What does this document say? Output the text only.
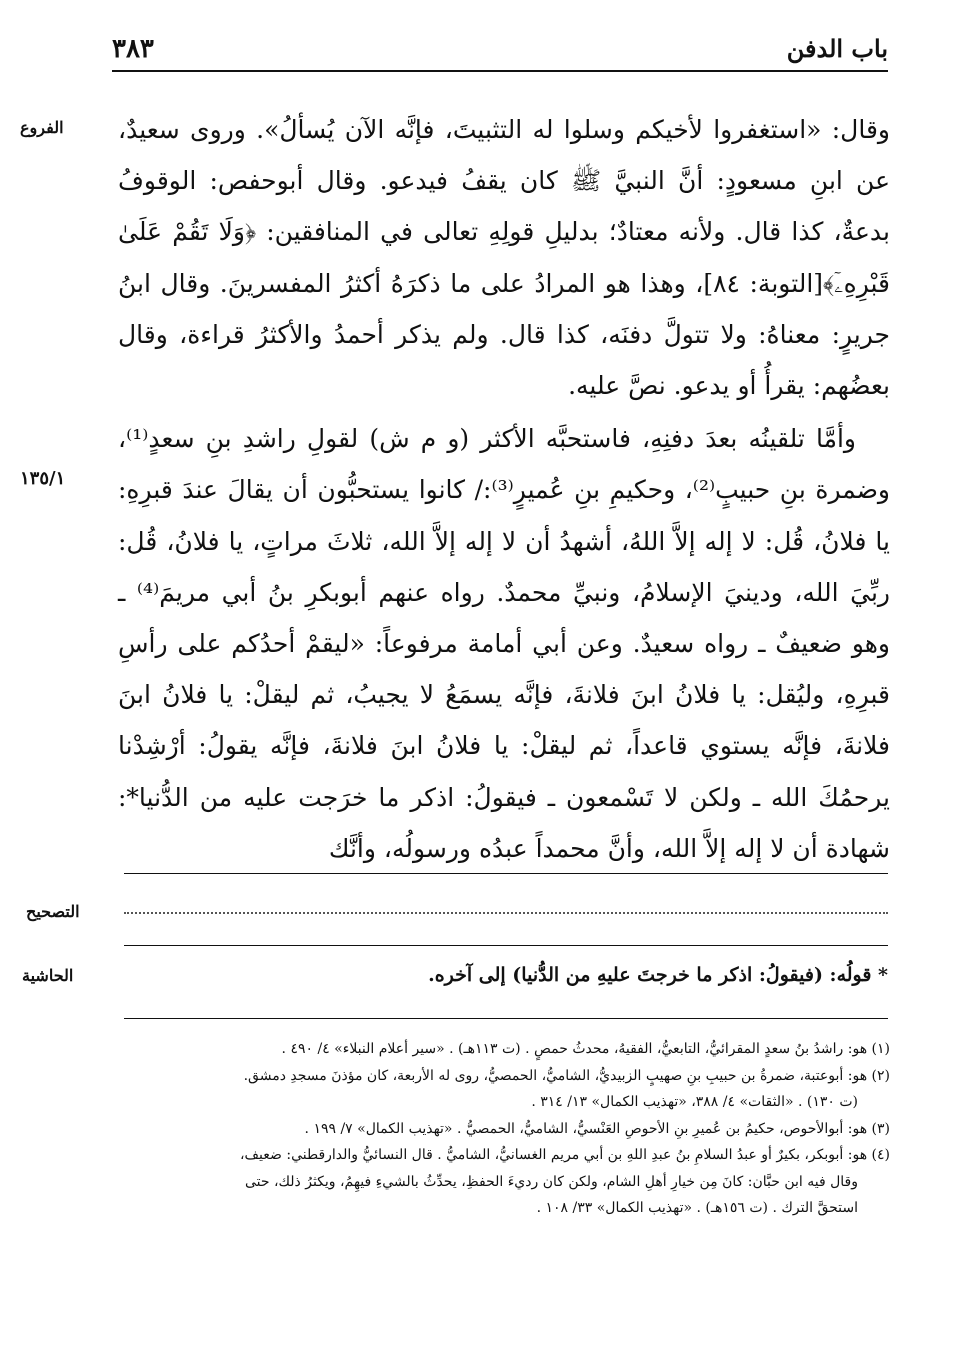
٣٨٣	باب الدفن
الفروع وقال: «استغفروا لأخيكم وسلوا له التثبيتَ، فإنَّه الآن يُسألُ». وروى سعيدٌ، عن ابنِ مسعودٍ: أنَّ النبيَّ ﷺ كان يقفُ فيدعو. وقال أبوحفص: الوقوفُ بدعةٌ، كذا قال. ولأنه معتادٌ؛ بدليلِ قولِهِ تعالى في المنافقين: ﴿وَلَا تَقُمْ عَلَىٰ قَبْرِهِۦٓ﴾[التوبة: ٨٤]، وهذا هو المرادُ على ما ذكرَهُ أكثرُ المفسرينَ. وقال ابنُ جريرٍ: معناهُ: ولا تتولَّ دفنَه، كذا قال. ولم يذكر أحمدُ والأكثرُ قراءة، وقال بعضُهم: يقرأُ أو يدعو. نصَّ عليه.

وأمَّا تلقينُه بعدَ دفنِهِ، فاستحبَّه الأكثر (و م ش) لقولِ راشدِ بنِ سعدٍ⁽¹⁾، وضمرة بنِ حبيبٍ⁽²⁾، وحكيمِ بنِ عُميرٍ⁽³⁾:/ كانوا يستحبُّون أن يقالَ عندَ قبرِهِ: يا فلانُ، قُل: لا إله إلاَّ اللهُ، أشهدُ أن لا إله إلاَّ الله، ثلاثَ مراتٍ، يا فلانُ، قُل: ربِّيَ الله، ودينيَ الإسلامُ، ونبيِّ محمدٌ. رواه عنهم أبوبكرِ بنُ أبي مريمَ⁽⁴⁾ ـ وهو ضعيفٌ ـ رواه سعيدٌ. وعن أبي أمامة مرفوعاً: «ليقمْ أحدُكم على رأسِ قبرِهِ، وليُقل: يا فلانُ ابنَ فلانةَ، فإنَّه يسمَعُ لا يجيبُ، ثم ليقلْ: يا فلانُ ابنَ فلانةَ، فإنَّه يستوي قاعداً، ثم ليقلْ: يا فلانُ ابنَ فلانةَ، فإنَّه يقولُ: أرْشِدْنا يرحمُكَ الله ـ ولكن لا تَسْمعون ـ فيقولُ: اذكر ما خرَجت عليه من الدُّنيا*: شهادة أن لا إله إلاَّ الله، وأنَّ محمداً عبدُه ورسولُه، وأنَّك

١٣٥/١
التصحيح
الحاشية	* قولُه: (فيقولُ: اذكر ما خرجتَ عليهِ من الدُّنيا) إلى آخره.

(١) هو: راشدُ بنُ سعدٍ المقرائيُّ، التابعيُّ، الفقيهُ، محدثُ حمصٍ . (ت ١١٣هـ) . «سير أعلام النبلاء» ٤/ ٤٩٠ .

(٢) هو: أبوعتبة، ضمرةُ بن حبيبِ بنِ صهيبٍ الزبيديُّ، الشاميُّ، الحمصيُّ، روى له الأربعة، كان مؤذنَ مسجدِ دمشق.

(ت ١٣٠) . «الثقات» ٤/ ٣٨٨، «تهذيب الكمال» ١٣/ ٣١٤ .

(٣) هو: أبوالأحوص، حكيمُ بن عُميرِ بنِ الأحوصِ العَنْسيُّ، الشاميُّ، الحمصيُّ . «تهذيب الكمال» ٧/ ١٩٩ .

(٤) هو: أبوبكر، بكيرٌ أو عبدُ السلامِ بنُ عبدِ اللهِ بن أبي مريم الغسانيُّ، الشاميُّ . قال النسائيُّ والدارقطني: ضعيف،

وقال فيه ابن حبَّان: كانَ مِن خيارِ أهلِ الشام، ولكن كان رديءَ الحفظِ، يحدِّثُ بالشيءِ فيهِمُ، ويكثرُ ذلك، حتى

استحقَّ الترك . (ت ١٥٦هـ) . «تهذيب الكمال» ٣٣/ ١٠٨ .
